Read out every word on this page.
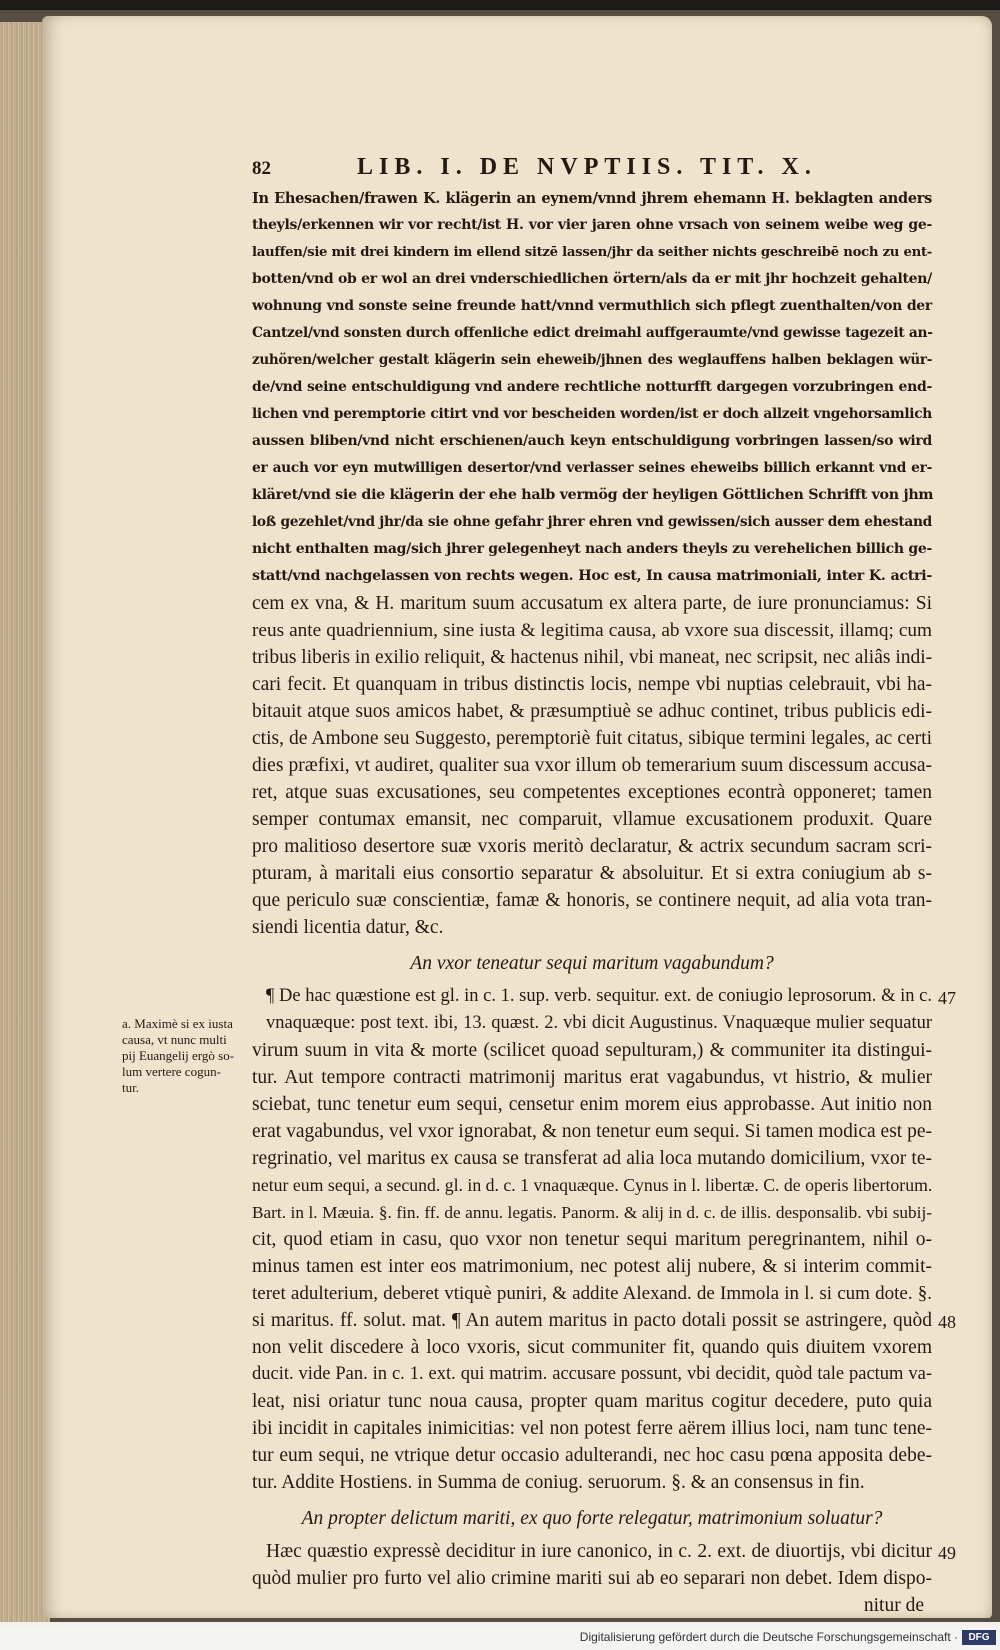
82	LIB. I. DE NVPTIIS. TIT. X.
In Ehesachen/frawen K. klägerin an eynem/vnnd jhrem ehemann H. beklagten anders
theyls/erkennen wir vor recht/ist H. vor vier jaren ohne vrsach von seinem weibe weg ge-
lauffen/sie mit drei kindern im ellend sitzē lassen/jhr da seither nichts geschreibē noch zu ent-
botten/vnd ob er wol an drei vnderschiedlichen örtern/als da er mit jhr hochzeit gehalten/
wohnung vnd sonste seine freunde hatt/vnnd vermuthlich sich pflegt zuenthalten/von der
Cantzel/vnd sonsten durch offenliche edict dreimahl auffgeraumte/vnd gewisse tagezeit an-
zuhören/welcher gestalt klägerin sein eheweib/jhnen des weglauffens halben beklagen wür-
de/vnd seine entschuldigung vnd andere rechtliche notturfft dargegen vorzubringen end-
lichen vnd peremptorie citirt vnd vor bescheiden worden/ist er doch allzeit vngehorsamlich
aussen bliben/vnd nicht erschienen/auch keyn entschuldigung vorbringen lassen/so wird
er auch vor eyn mutwilligen desertor/vnd verlasser seines eheweibs billich erkannt vnd er-
kläret/vnd sie die klägerin der ehe halb vermög der heyligen Göttlichen Schrifft von jhm
loß gezehlet/vnd jhr/da sie ohne gefahr jhrer ehren vnd gewissen/sich ausser dem ehestand
nicht enthalten mag/sich jhrer gelegenheyt nach anders theyls zu verehelichen billich ge-
statt/vnd nachgelassen von rechts wegen. Hoc est, In causa matrimoniali, inter K. actri-
cem ex vna, & H. maritum suum accusatum ex altera parte, de iure pronunciamus: Si
reus ante quadriennium, sine iusta & legitima causa, ab vxore sua discessit, illamq; cum
tribus liberis in exilio reliquit, & hactenus nihil, vbi maneat, nec scripsit, nec aliâs indi-
cari fecit. Et quanquam in tribus distinctis locis, nempe vbi nuptias celebrauit, vbi ha-
bitauit atque suos amicos habet, & præsumptiuè se adhuc continet, tribus publicis edi-
ctis, de Ambone seu Suggesto, peremptoriè fuit citatus, sibique termini legales, ac certi
dies præfixi, vt audiret, qualiter sua vxor illum ob temerarium suum discessum accusa-
ret, atque suas excusationes, seu competentes exceptiones econtrà opponeret; tamen
semper contumax emansit, nec comparuit, vllamue excusationem produxit. Quare
pro malitioso desertore suæ vxoris meritò declaratur, & actrix secundum sacram scri-
pturam, à maritali eius consortio separatur & absoluitur. Et si extra coniugium ab s-
que periculo suæ conscientiæ, famæ & honoris, se continere nequit, ad alia vota tran-
siendi licentia datur, &c.
An vxor teneatur sequi maritum vagabundum?
¶ De hac quæstione est gl. in c. 1. sup. verb. sequitur. ext. de coniugio leprosorum. & in c.
vnaquæque: post text. ibi, 13. quæst. 2. vbi dicit Augustinus. Vnaquæque mulier sequatur
virum suum in vita & morte (scilicet quoad sepulturam,) & communiter ita distingui-
tur. Aut tempore contracti matrimonij maritus erat vagabundus, vt histrio, & mulier
sciebat, tunc tenetur eum sequi, censetur enim morem eius approbasse. Aut initio non
erat vagabundus, vel vxor ignorabat, & non tenetur eum sequi. Si tamen modica est pe-
regrinatio, vel maritus ex causa se transferat ad alia loca mutando domicilium, vxor te-
netur eum sequi, a secund. gl. in d. c. 1 vnaquæque. Cynus in l. libertæ. C. de operis libertorum.
Bart. in l. Mæuia. §. fin. ff. de annu. legatis. Panorm. & alij in d. c. de illis. desponsalib. vbi subij-
cit, quod etiam in casu, quo vxor non tenetur sequi maritum peregrinantem, nihil o-
minus tamen est inter eos matrimonium, nec potest alij nubere, & si interim commit-
teret adulterium, deberet vtiquè puniri, & addite Alexand. de Immola in l. si cum dote. §.
si maritus. ff. solut. mat. ¶ An autem maritus in pacto dotali possit se astringere, quòd
non velit discedere à loco vxoris, sicut communiter fit, quando quis diuitem vxorem
ducit. vide Pan. in c. 1. ext. qui matrim. accusare possunt, vbi decidit, quòd tale pactum va-
leat, nisi oriatur tunc noua causa, propter quam maritus cogitur decedere, puto quia
ibi incidit in capitales inimicitias: vel non potest ferre aërem illius loci, nam tunc tene-
tur eum sequi, ne vtrique detur occasio adulterandi, nec hoc casu pœna apposita debe-
tur. Addite Hostiens. in Summa de coniug. seruorum. §. & an consensus in fin.
An propter delictum mariti, ex quo forte relegatur, matrimonium soluatur?
Hæc quæstio expressè deciditur in iure canonico, in c. 2. ext. de diuortijs, vbi dicitur
quòd mulier pro furto vel alio crimine mariti sui ab eo separari non debet. Idem dispo-
nitur de
47
48
49
a. Maximè si ex iusta
causa, vt nunc multi
pij Euangelij ergò so-
lum vertere cogun-
tur.
Digitalisierung gefördert durch die Deutsche Forschungsgemeinschaft ·	DFG
